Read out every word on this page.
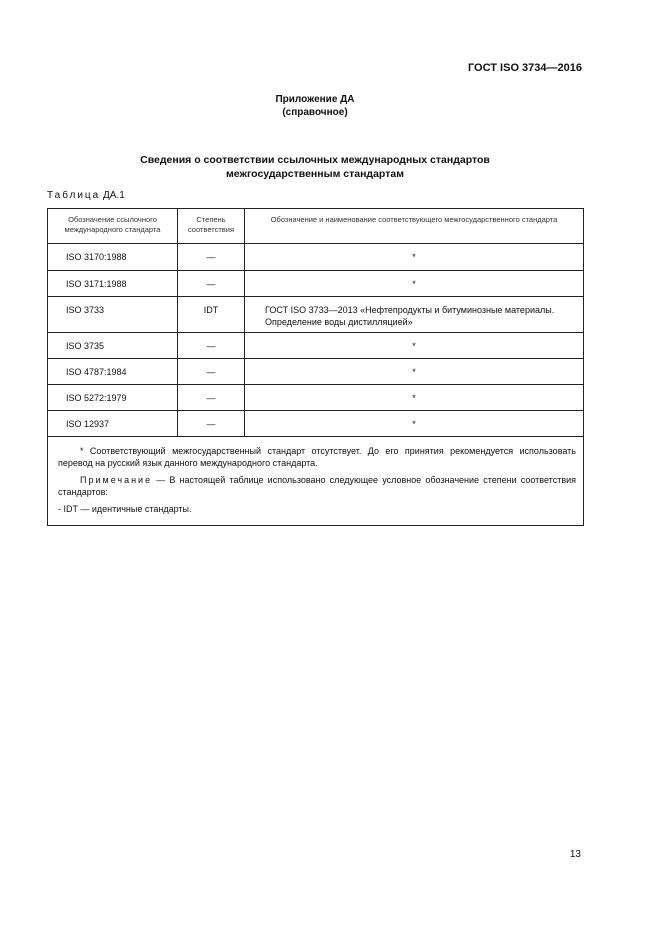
ГОСТ ISO 3734—2016
Приложение ДА
(справочное)
Сведения о соответствии ссылочных международных стандартов
межгосударственным стандартам
Таблица ДА.1
Обозначение ссылочного международного стандарта	Степень соответствия	Обозначение и наименование соответствующего межгосударственного стандарта
ISO 3170:1988	—	*
ISO 3171:1988	—	*
ISO 3733	IDT	ГОСТ ISO 3733—2013 «Нефтепродукты и битуминозные материалы. Определение воды дистилляцией»
ISO 3735	—	*
ISO 4787:1984	—	*
ISO 5272:1979	—	*
ISO 12937	—	*

* Соответствующий межгосударственный стандарт отсутствует. До его принятия рекомендуется использовать перевод на русский язык данного международного стандарта.

Примечание — В настоящей таблице использовано следующее условное обозначение степени соответствия стандартов:

- IDT — идентичные стандарты.		

13
